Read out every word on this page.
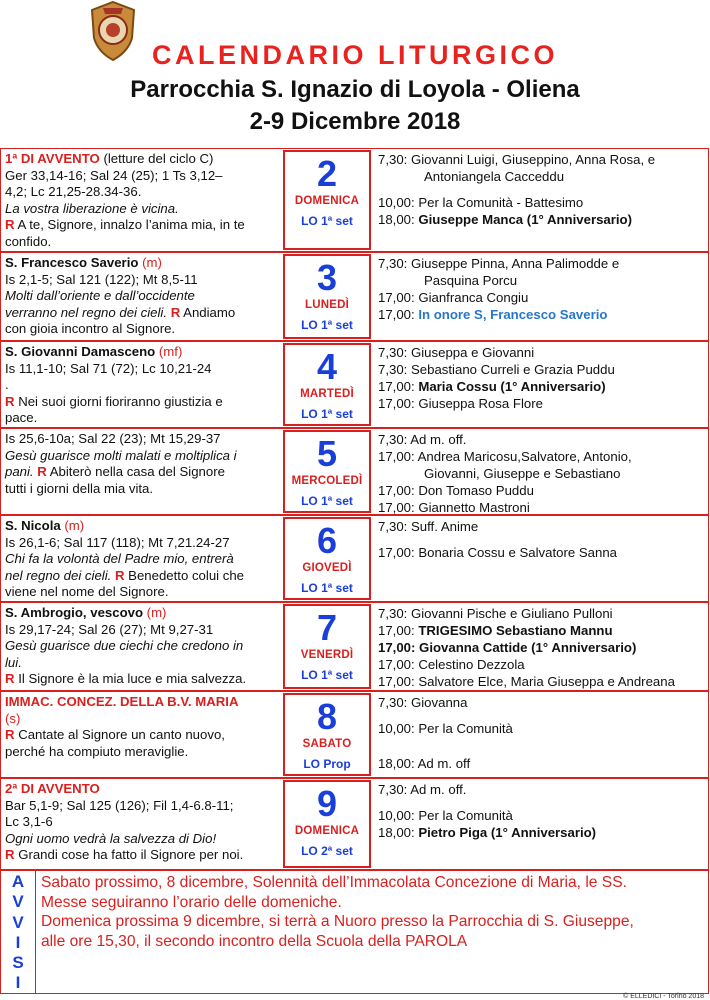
CALENDARIO LITURGICO
Parrocchia S. Ignazio di Loyola - Oliena
2-9 Dicembre 2018
1ª DI AVVENTO (letture del ciclo C)
Ger 33,14-16; Sal 24 (25); 1 Ts 3,12–
4,2; Lc 21,25-28.34-36.
La vostra liberazione è vicina.
R A te, Signore, innalzo l’anima mia, in te
confido.
2
DOMENICA
LO 1ª set
7,30: Giovanni Luigi, Giuseppino, Anna Rosa, e
Antoniangela Cacceddu
10,00: Per la Comunità - Battesimo
18,00: Giuseppe Manca (1° Anniversario)
S. Francesco Saverio (m)
Is 2,1-5; Sal 121 (122); Mt 8,5-11
Molti dall’oriente e dall’occidente
verranno nel regno dei cieli. R Andiamo
con gioia incontro al Signore.
3
LUNEDÌ
LO 1ª set
7,30: Giuseppe Pinna, Anna Palimodde e
Pasquina Porcu
17,00: Gianfranca Congiu
17,00: In onore S, Francesco Saverio
S. Giovanni Damasceno (mf)
Is 11,1-10; Sal 71 (72); Lc 10,21-24
.
R Nei suoi giorni fioriranno giustizia e
pace.
4
MARTEDÌ
LO 1ª set
7,30: Giuseppa e Giovanni
7,30: Sebastiano Curreli e Grazia Puddu
17,00: Maria Cossu (1° Anniversario)
17,00: Giuseppa Rosa Flore
Is 25,6-10a; Sal 22 (23); Mt 15,29-37
Gesù guarisce molti malati e moltiplica i
pani. R Abiterò nella casa del Signore
tutti i giorni della mia vita.
5
MERCOLEDÌ
LO 1ª set
7,30: Ad m. off.
17,00: Andrea Maricosu,Salvatore, Antonio,
Giovanni, Giuseppe e Sebastiano
17,00: Don Tomaso Puddu
17,00: Giannetto Mastroni
S. Nicola (m)
Is 26,1-6; Sal 117 (118); Mt 7,21.24-27
Chi fa la volontà del Padre mio, entrerà
nel regno dei cieli. R Benedetto colui che
viene nel nome del Signore.
6
GIOVEDÌ
LO 1ª set
7,30: Suff. Anime

17,00: Bonaria Cossu e Salvatore Sanna
S. Ambrogio, vescovo (m)
Is 29,17-24; Sal 26 (27); Mt 9,27-31
Gesù guarisce due ciechi che credono in
lui.
R Il Signore è la mia luce e mia salvezza.
7
VENERDÌ
LO 1ª set
7,30: Giovanni Pische e Giuliano Pulloni
17,00: TRIGESIMO Sebastiano Mannu
17,00: Giovanna Cattide (1° Anniversario)
17,00: Celestino Dezzola
17,00: Salvatore Elce, Maria Giuseppa e Andreana
IMMAC. CONCEZ. DELLA B.V. MARIA
(s)
R Cantate al Signore un canto nuovo,
perché ha compiuto meraviglie.
8
SABATO
LO Prop
7,30: Giovanna

10,00: Per la Comunità

18,00: Ad m. off
2ª DI AVVENTO
Bar 5,1-9; Sal 125 (126); Fil 1,4-6.8-11;
Lc 3,1-6
Ogni uomo vedrà la salvezza di Dio!
R Grandi cose ha fatto il Signore per noi.
9
DOMENICA
LO 2ª set
7,30: Ad m. off.

10,00: Per la Comunità
18,00: Pietro Piga (1° Anniversario)
A
V
V
I
S
I
Sabato prossimo, 8 dicembre, Solennità dell’Immacolata Concezione di Maria, le SS.
Messe seguiranno l’orario delle domeniche.
Domenica prossima 9 dicembre, si terrà a Nuoro presso la Parrocchia di S. Giuseppe,
alle ore 15,30, il secondo incontro della Scuola della PAROLA
© ELLEDICI - Torino 2018
